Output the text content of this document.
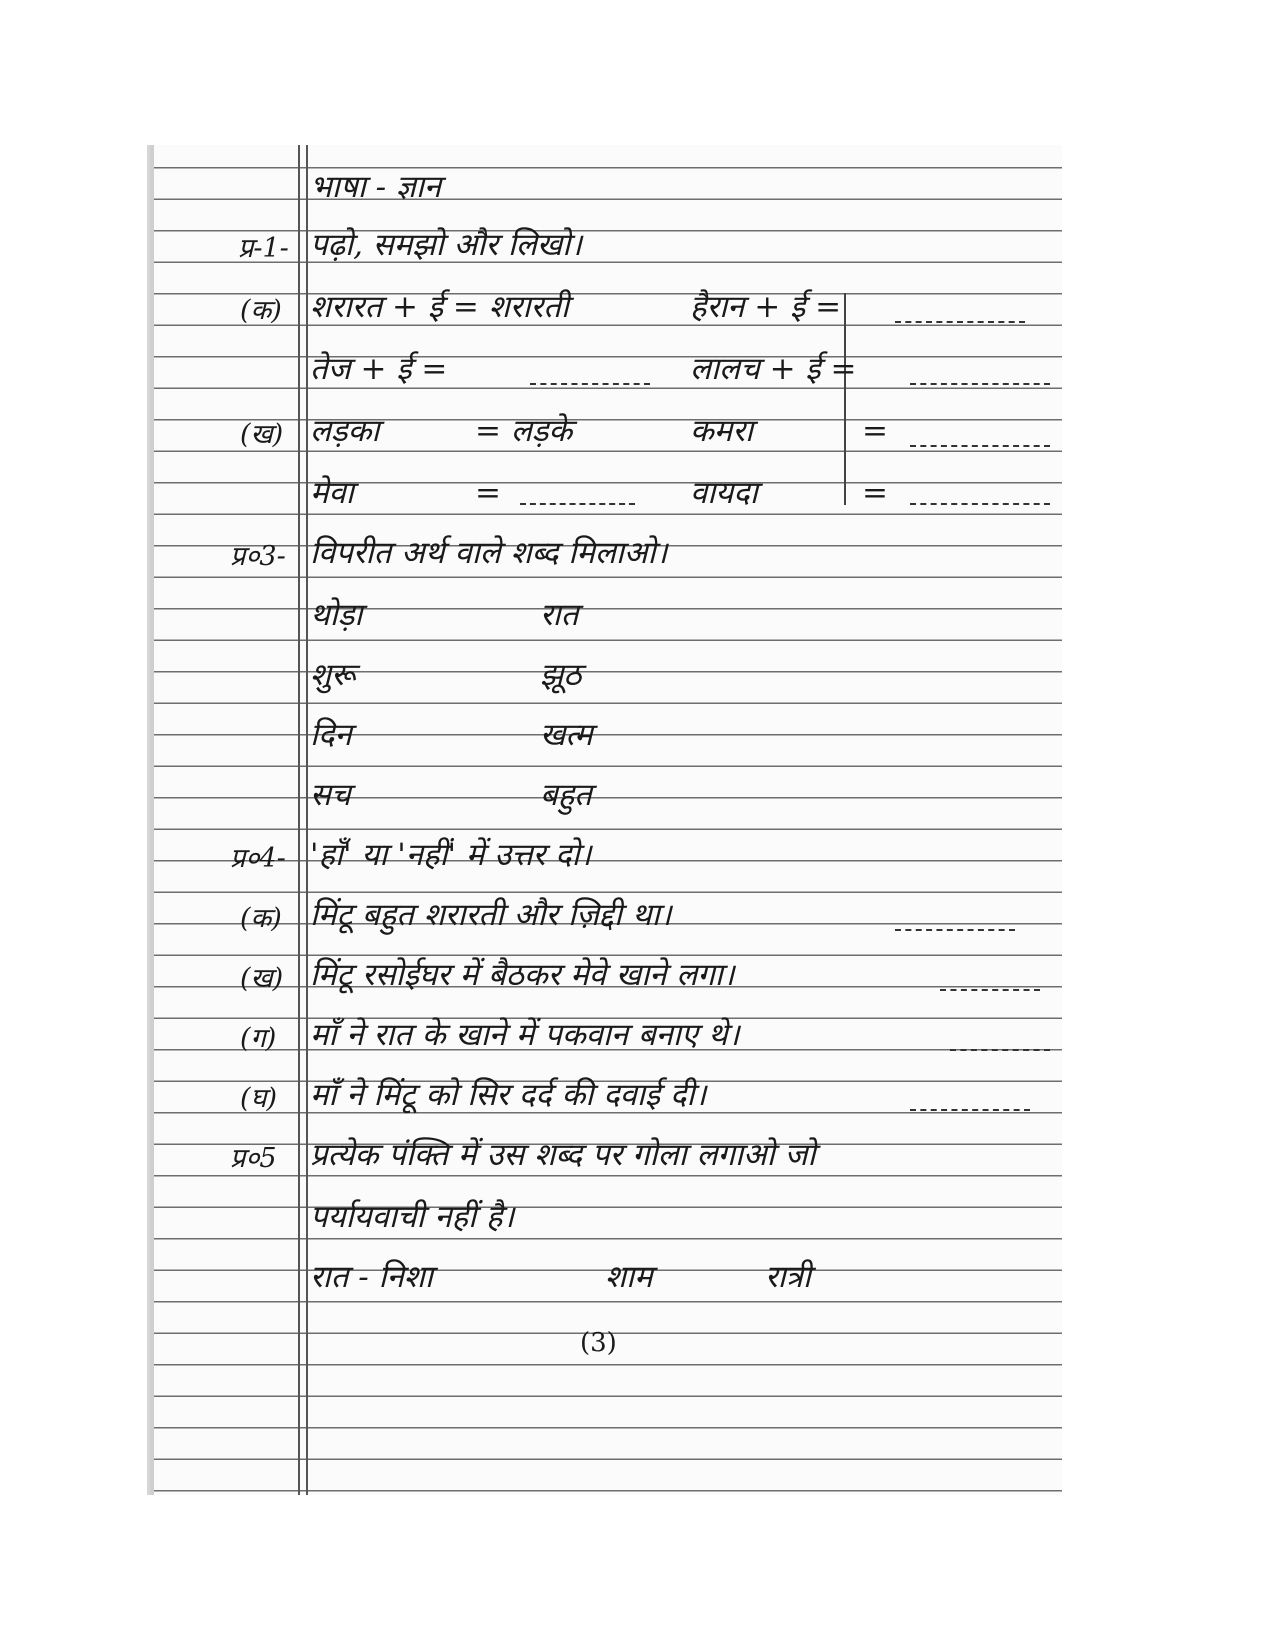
भाषा - ज्ञान
प्र-1- पढ़ो, समझो और लिखो।
(क) शरारत + ई = शरारती	हैरान + ई =
तेज + ई =	लालच + ई =
(ख) लड़का	= लड़के	कमरा	=
मेवा	=	वायदा	=
प्र०3- विपरीत अर्थ वाले शब्द मिलाओ।
थोड़ा	रात
शुरू	झूठ
दिन	खत्म
सच	बहुत
प्र०4- 'हाँ' या 'नहीं' में उत्तर दो।
(क) मिंटू बहुत शरारती और ज़िद्दी था।
(ख) मिंटू रसोईघर में बैठकर मेवे खाने लगा।
(ग) माँ ने रात के खाने में पकवान बनाए थे।
(घ) माँ ने मिंटू को सिर दर्द की दवाई दी।
प्र०5 प्रत्येक पंक्ति में उस शब्द पर गोला लगाओ जो
पर्यायवाची नहीं है।
रात - निशा	शाम	रात्री
(3)
